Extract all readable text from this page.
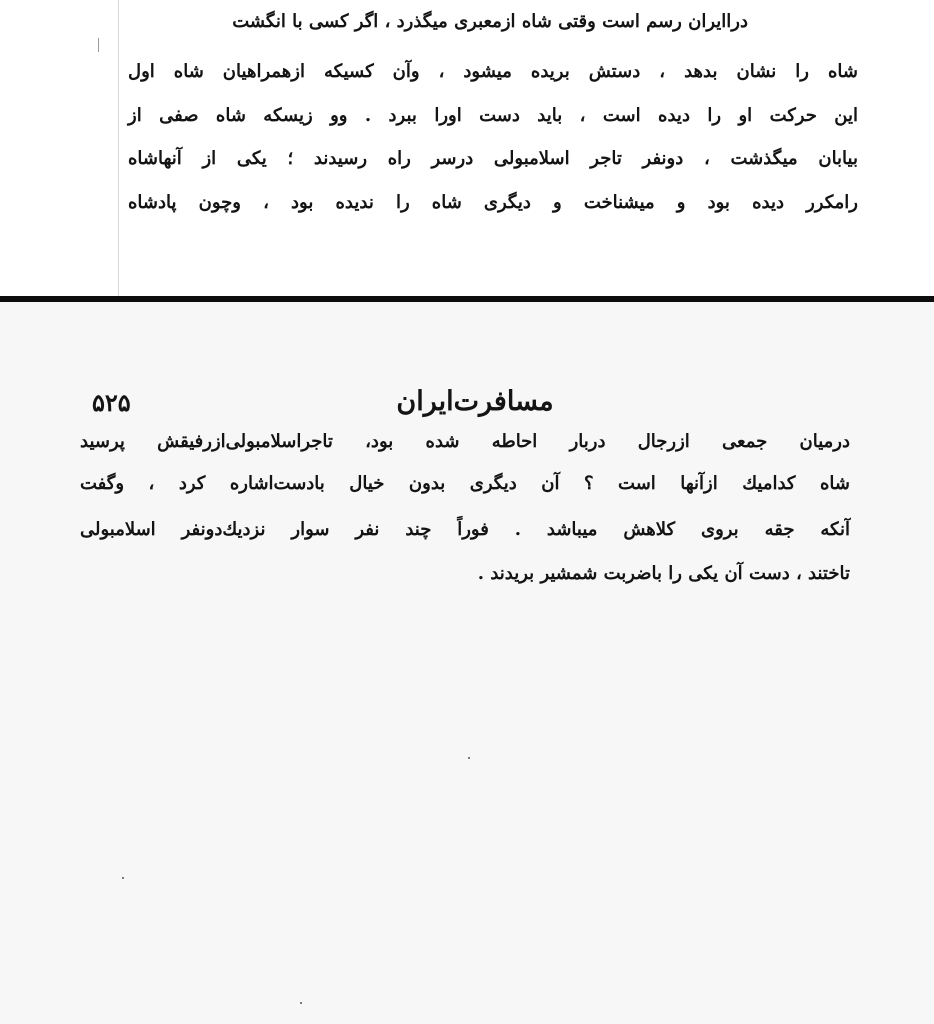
دراایران رسم است وقتی شاه ازمعبری میگذرد ، اگر کسی با انگشت
شاه را نشان بدهد ، دستش بریده میشود ، وآن کسیکه ازهمراهیان شاه اول
این حرکت او را دیده است ، باید دست اورا ببرد . وو زیسکه شاه صفی از
بیابان میگذشت ، دونفر تاجر اسلامبولی درسر راه رسیدند ؛ یکی از آنهاشاه
رامکرر دیده بود و میشناخت و دیگری شاه را ندیده بود ، وچون پادشاه
۵۲۵	مسافرت‌ایران
درمیان جمعی ازرجال دربار احاطه شده بود، تاجراسلامبولی‌ازرفیقش پرسید
شاه کدامیك ازآنها است ؟ آن دیگری بدون خیال بادست‌اشاره کرد ، وگفت
آنکه جقه بروی کلاهش میباشد . فوراً چند نفر سوار نزدیك‌دونفر اسلامبولی
تاختند ، دست آن یکی را باضربت شمشیر بریدند .
